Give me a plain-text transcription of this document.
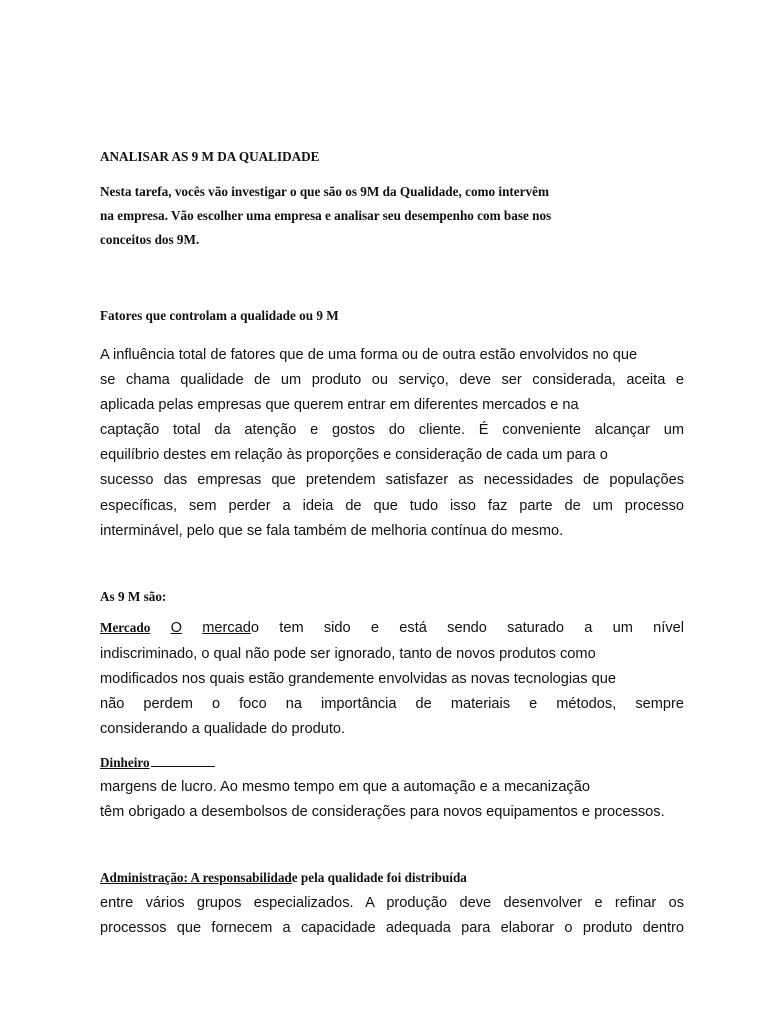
ANALISAR AS 9 M DA QUALIDADE
Nesta tarefa, vocês vão investigar o que são os 9M da Qualidade, como intervêm
na empresa. Vão escolher uma empresa e analisar seu desempenho com base nos
conceitos dos 9M.
Fatores que controlam a qualidade ou 9 M
A influência total de fatores que de uma forma ou de outra estão envolvidos no que
se chama qualidade de um produto ou serviço, deve ser considerada, aceita e
aplicada pelas empresas que querem entrar em diferentes mercados e na
captação total da atenção e gostos do cliente. É conveniente alcançar um
equilíbrio destes em relação às proporções e consideração de cada um para o
sucesso das empresas que pretendem satisfazer as necessidades de populações
específicas, sem perder a ideia de que tudo isso faz parte de um processo
interminável, pelo que se fala também de melhoria contínua do mesmo.
As 9 M são:
Mercado O mercado tem sido e está sendo saturado a um nível
indiscriminado, o qual não pode ser ignorado, tanto de novos produtos como
modificados nos quais estão grandemente envolvidas as novas tecnologias que
não perdem o foco na importância de materiais e métodos, sempre
considerando a qualidade do produto.
Dinheiro
margens de lucro. Ao mesmo tempo em que a automação e a mecanização
têm obrigado a desembolsos de considerações para novos equipamentos e processos.
Administração: A responsabilidade pela qualidade foi distribuída
entre vários grupos especializados. A produção deve desenvolver e refinar os
processos que fornecem a capacidade adequada para elaborar o produto dentro
